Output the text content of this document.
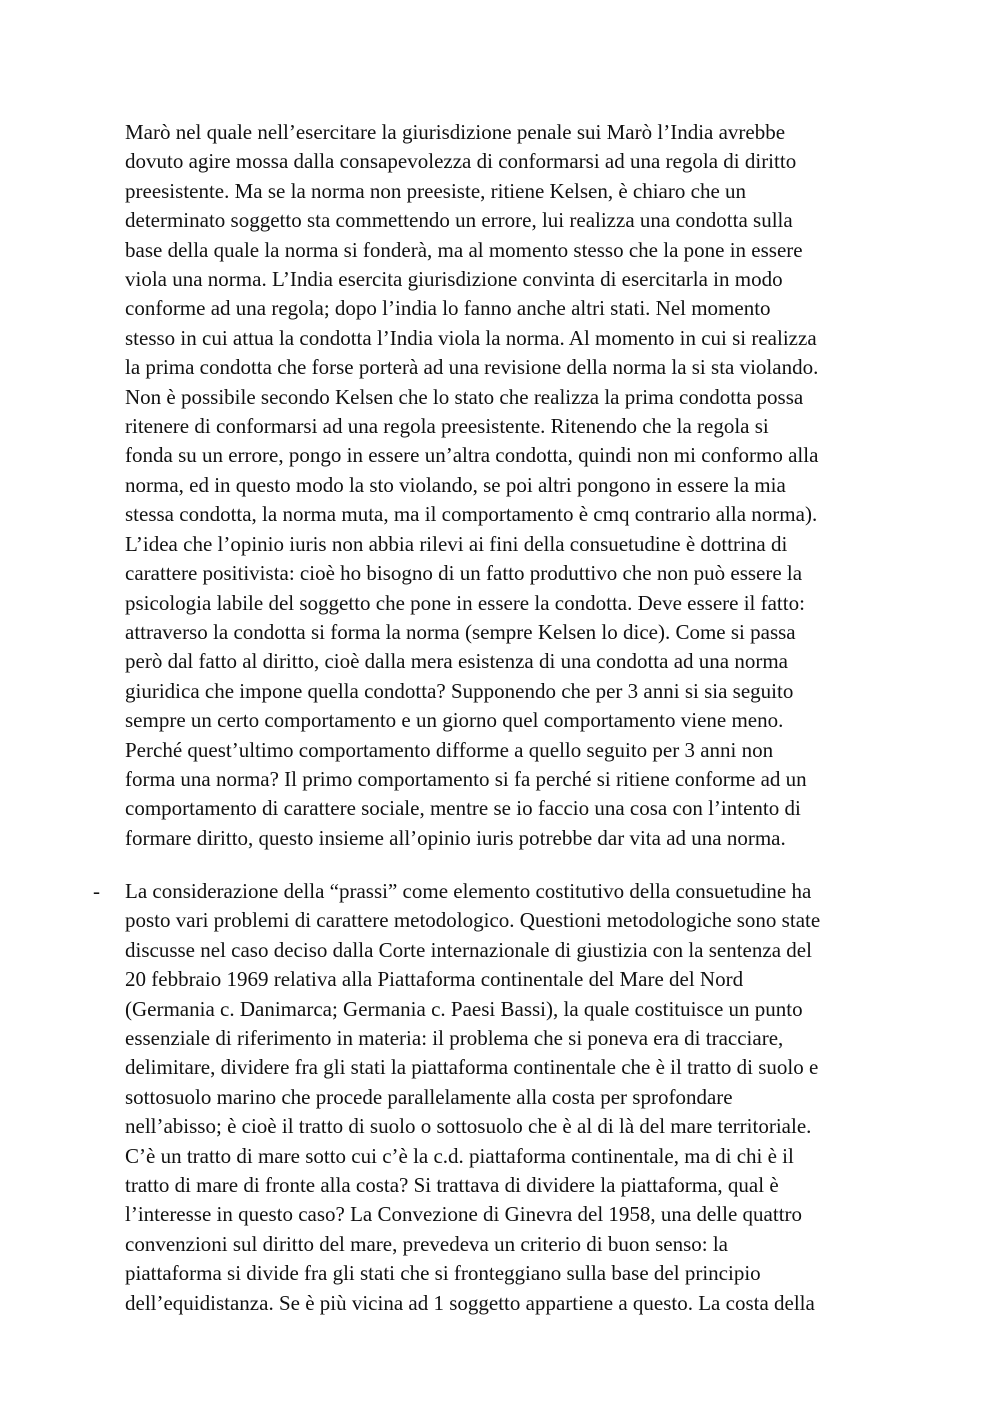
Marò nel quale nell’esercitare la giurisdizione penale sui Marò l’India avrebbe
dovuto agire mossa dalla consapevolezza di conformarsi ad una regola di diritto
preesistente. Ma se la norma non preesiste, ritiene Kelsen, è chiaro che un
determinato soggetto sta commettendo un errore, lui realizza una condotta sulla
base della quale la norma si fonderà, ma al momento stesso che la pone in essere
viola una norma. L’India esercita giurisdizione convinta di esercitarla in modo
conforme ad una regola; dopo l’india lo fanno anche altri stati. Nel momento
stesso in cui attua la condotta l’India viola la norma. Al momento in cui si realizza
la prima condotta che forse porterà ad una revisione della norma la si sta violando.
Non è possibile secondo Kelsen che lo stato che realizza la prima condotta possa
ritenere di conformarsi ad una regola preesistente. Ritenendo che la regola si
fonda su un errore, pongo in essere un’altra condotta, quindi non mi conformo alla
norma, ed in questo modo la sto violando, se poi altri pongono in essere la mia
stessa condotta, la norma muta, ma il comportamento è cmq contrario alla norma).
L’idea che l’opinio iuris non abbia rilevi ai fini della consuetudine è dottrina di
carattere positivista: cioè ho bisogno di un fatto produttivo che non può essere la
psicologia labile del soggetto che pone in essere la condotta. Deve essere il fatto:
attraverso la condotta si forma la norma (sempre Kelsen lo dice). Come si passa
però dal fatto al diritto, cioè dalla mera esistenza di una condotta ad una norma
giuridica che impone quella condotta? Supponendo che per 3 anni si sia seguito
sempre un certo comportamento e un giorno quel comportamento viene meno.
Perché quest’ultimo comportamento difforme a quello seguito per 3 anni non
forma una norma? Il primo comportamento si fa perché si ritiene conforme ad un
comportamento di carattere sociale, mentre se io faccio una cosa con l’intento di
formare diritto, questo insieme all’opinio iuris potrebbe dar vita ad una norma.
- La considerazione della “prassi” come elemento costitutivo della consuetudine ha
posto vari problemi di carattere metodologico. Questioni metodologiche sono state
discusse nel caso deciso dalla Corte internazionale di giustizia con la sentenza del
20 febbraio 1969 relativa alla Piattaforma continentale del Mare del Nord
(Germania c. Danimarca; Germania c. Paesi Bassi), la quale costituisce un punto
essenziale di riferimento in materia: il problema che si poneva era di tracciare,
delimitare, dividere fra gli stati la piattaforma continentale che è il tratto di suolo e
sottosuolo marino che procede parallelamente alla costa per sprofondare
nell’abisso; è cioè il tratto di suolo o sottosuolo che è al di là del mare territoriale.
C’è un tratto di mare sotto cui c’è la c.d. piattaforma continentale, ma di chi è il
tratto di mare di fronte alla costa? Si trattava di dividere la piattaforma, qual è
l’interesse in questo caso? La Convezione di Ginevra del 1958, una delle quattro
convenzioni sul diritto del mare, prevedeva un criterio di buon senso: la
piattaforma si divide fra gli stati che si fronteggiano sulla base del principio
dell’equidistanza. Se è più vicina ad 1 soggetto appartiene a questo. La costa della
